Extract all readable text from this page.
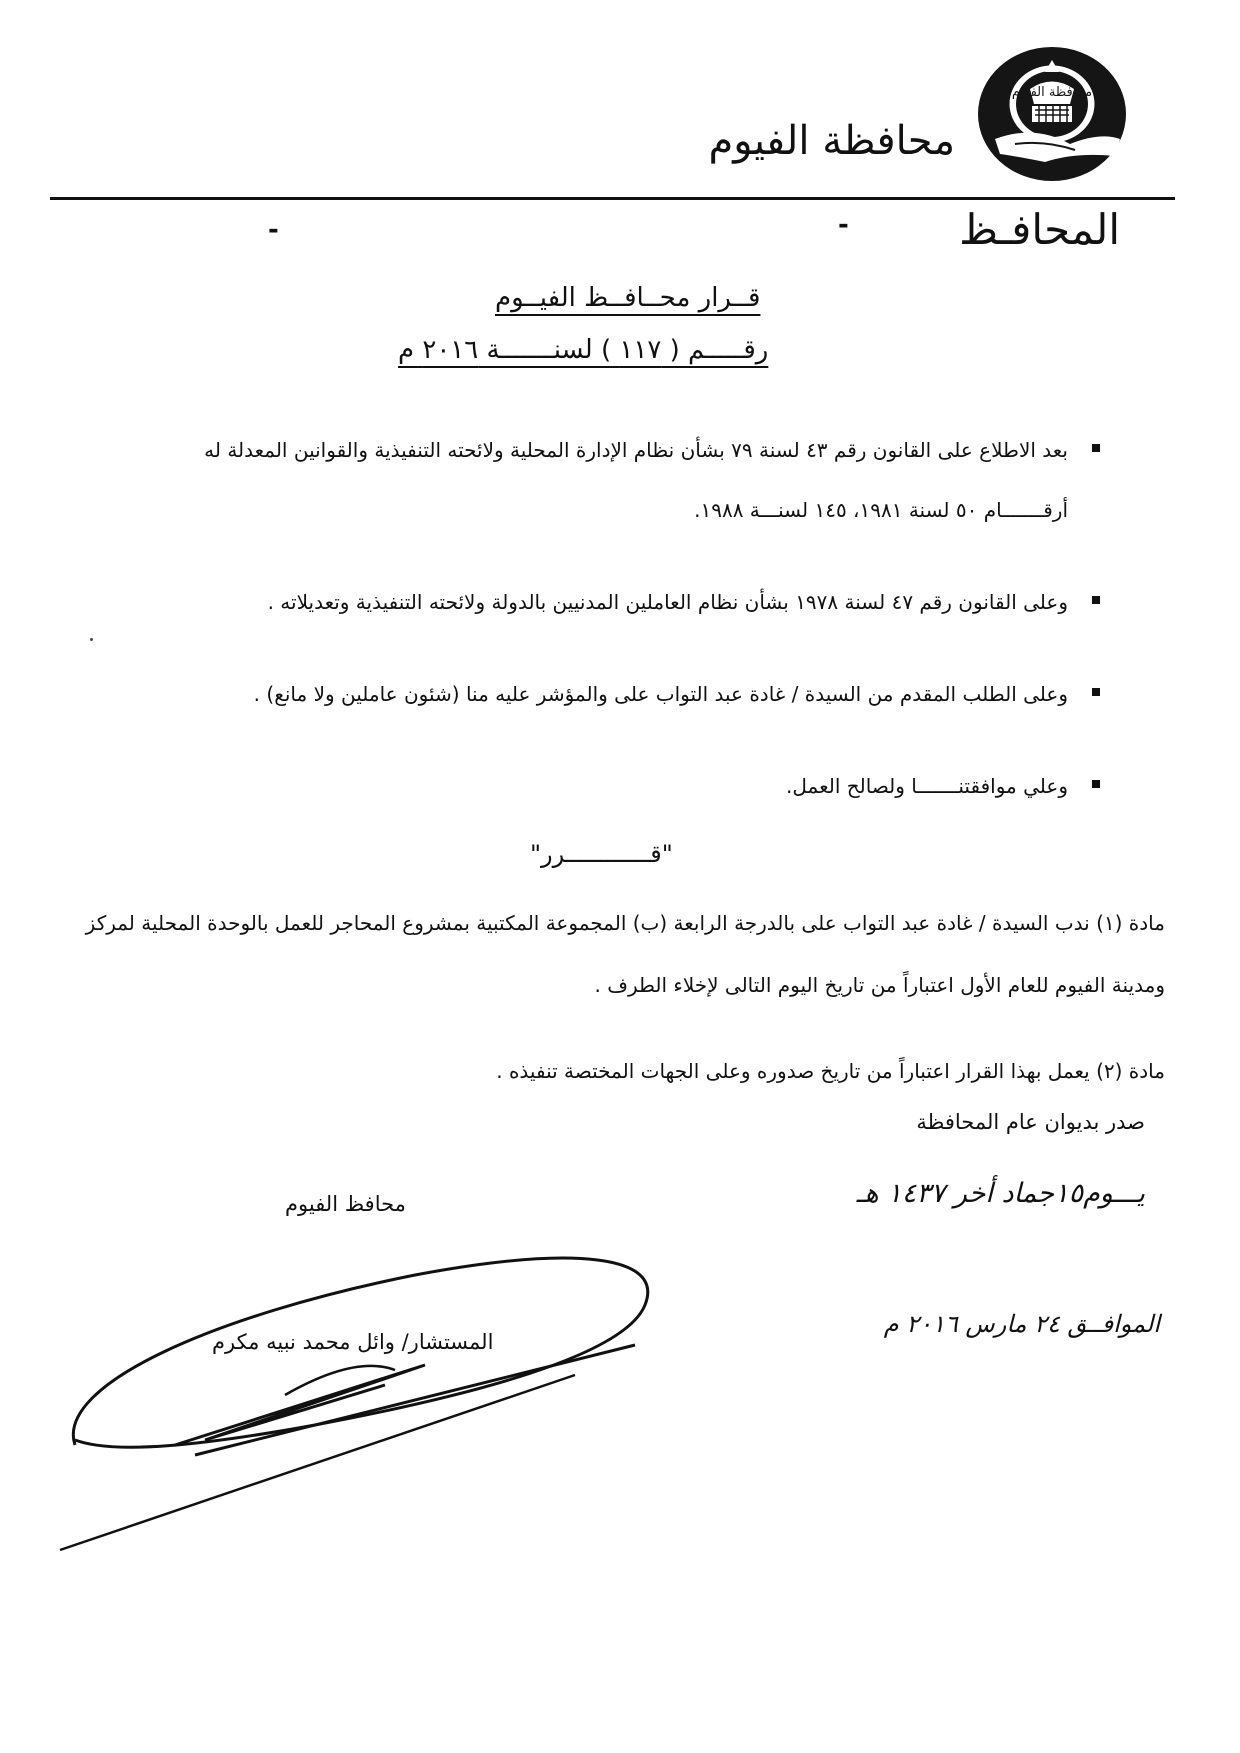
محافظة الفيوم
محافظة الفيوم
المحافـظ
-
-
قــرار محــافــظ الفيــوم
رقـــــم ( ١١٧ ) لسنـــــــة ٢٠١٦ م
بعد الاطلاع على القانون رقم ٤٣ لسنة ٧٩ بشأن نظام الإدارة المحلية ولائحته التنفيذية والقوانين المعدلة له أرقـــــــام ٥٠ لسنة ١٩٨١، ١٤٥ لسنـــة ١٩٨٨.
وعلى القانون رقم ٤٧ لسنة ١٩٧٨ بشأن نظام العاملين المدنيين بالدولة ولائحته التنفيذية وتعديلاته .
وعلى الطلب المقدم من السيدة / غادة عبد التواب على والمؤشر عليه منا (شئون عاملين ولا مانع) .
وعلي موافقتنـــــــا ولصالح العمل.
"قــــــــــــرر"
مادة (١) ندب السيدة / غادة عبد التواب على بالدرجة الرابعة (ب) المجموعة المكتبية بمشروع المحاجر للعمل بالوحدة المحلية لمركز ومدينة الفيوم للعام الأول اعتباراً من تاريخ اليوم التالى لإخلاء الطرف .
مادة (٢) يعمل بهذا القرار اعتباراً من تاريخ صدوره وعلى الجهات المختصة تنفيذه .
صدر بديوان عام المحافظة
يـــوم١٥جماد أخر ١٤٣٧ هـ
الموافــق ٢٤ مارس ٢٠١٦ م
محافظ الفيوم
المستشار/ وائل محمد نبيه مكرم
